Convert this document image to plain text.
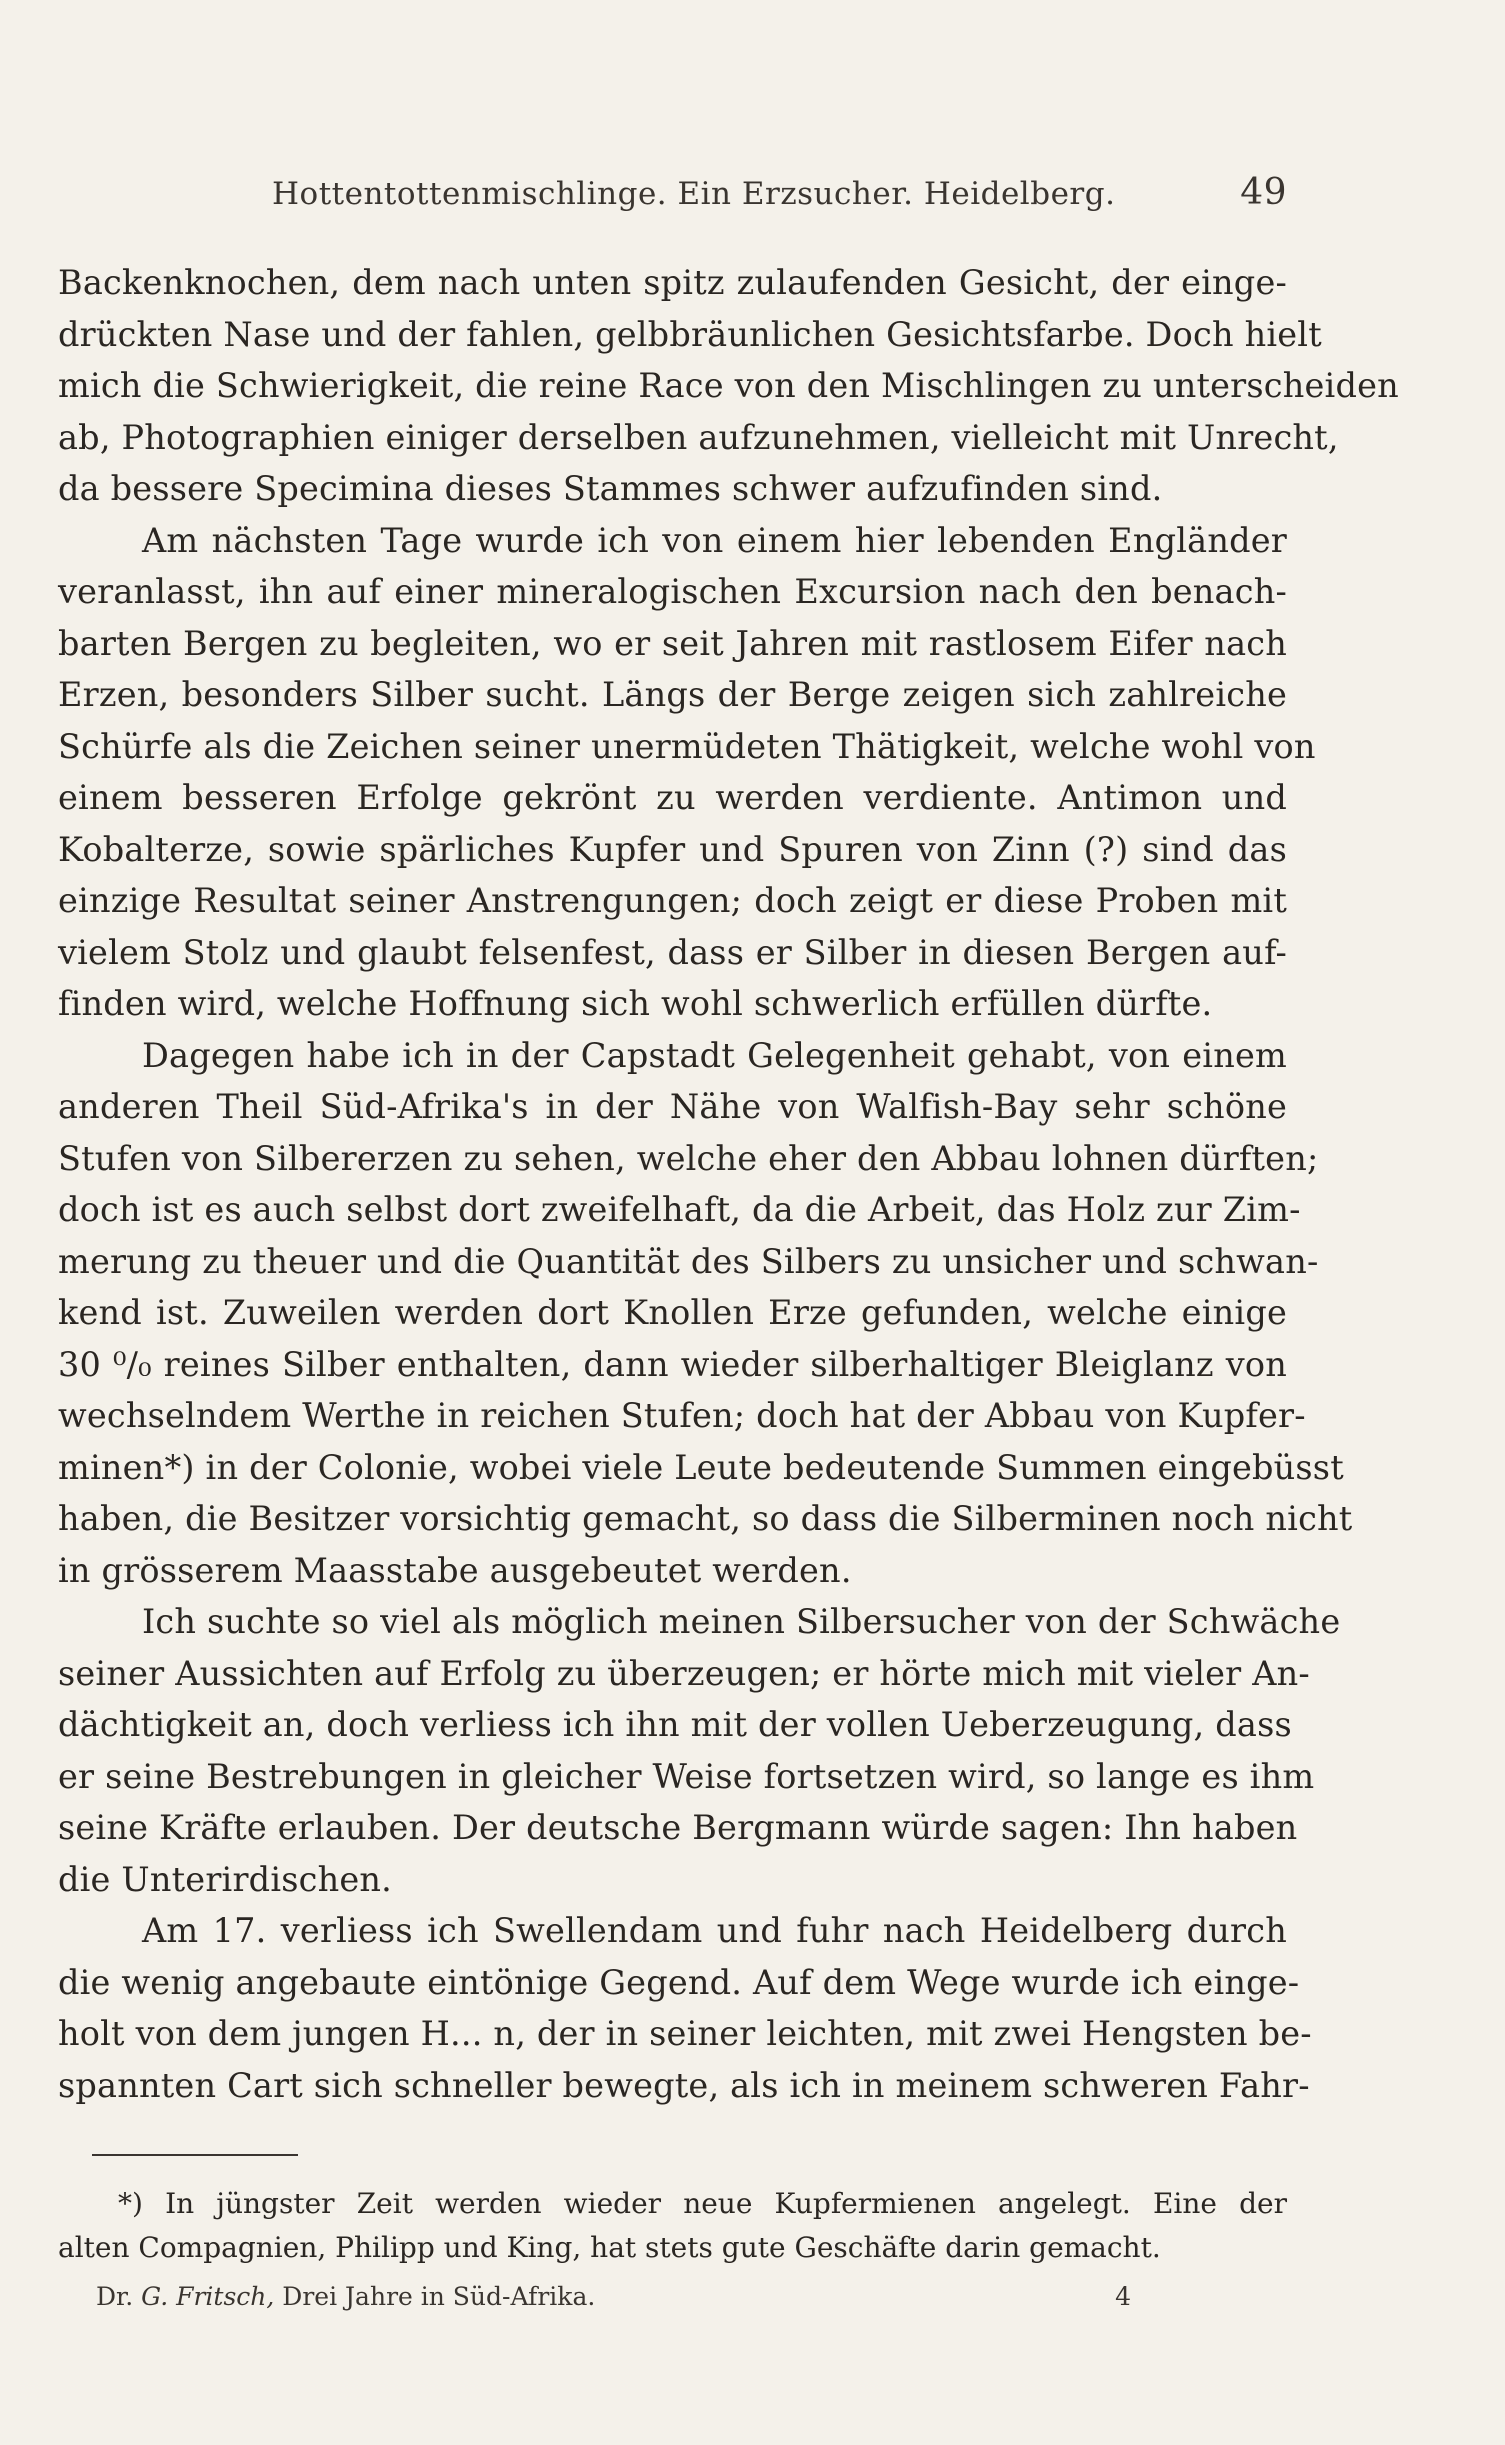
Hottentottenmischlinge. Ein Erzsucher. Heidelberg.	49
Backenknochen, dem nach unten spitz zulaufenden Gesicht, der einge-
drückten Nase und der fahlen, gelbbräunlichen Gesichtsfarbe. Doch hielt
mich die Schwierigkeit, die reine Race von den Mischlingen zu unterscheiden
ab, Photographien einiger derselben aufzunehmen, vielleicht mit Unrecht,
da bessere Specimina dieses Stammes schwer aufzufinden sind.
Am nächsten Tage wurde ich von einem hier lebenden Engländer
veranlasst, ihn auf einer mineralogischen Excursion nach den benach-
barten Bergen zu begleiten, wo er seit Jahren mit rastlosem Eifer nach
Erzen, besonders Silber sucht. Längs der Berge zeigen sich zahlreiche
Schürfe als die Zeichen seiner unermüdeten Thätigkeit, welche wohl von
einem besseren Erfolge gekrönt zu werden verdiente. Antimon und
Kobalterze, sowie spärliches Kupfer und Spuren von Zinn (?) sind das
einzige Resultat seiner Anstrengungen; doch zeigt er diese Proben mit
vielem Stolz und glaubt felsenfest, dass er Silber in diesen Bergen auf-
finden wird, welche Hoffnung sich wohl schwerlich erfüllen dürfte.
Dagegen habe ich in der Capstadt Gelegenheit gehabt, von einem
anderen Theil Süd-Afrika's in der Nähe von Walfish-Bay sehr schöne
Stufen von Silbererzen zu sehen, welche eher den Abbau lohnen dürften;
doch ist es auch selbst dort zweifelhaft, da die Arbeit, das Holz zur Zim-
merung zu theuer und die Quantität des Silbers zu unsicher und schwan-
kend ist. Zuweilen werden dort Knollen Erze gefunden, welche einige
30 ⁰/₀ reines Silber enthalten, dann wieder silberhaltiger Bleiglanz von
wechselndem Werthe in reichen Stufen; doch hat der Abbau von Kupfer-
minen*) in der Colonie, wobei viele Leute bedeutende Summen eingebüsst
haben, die Besitzer vorsichtig gemacht, so dass die Silberminen noch nicht
in grösserem Maasstabe ausgebeutet werden.
Ich suchte so viel als möglich meinen Silbersucher von der Schwäche
seiner Aussichten auf Erfolg zu überzeugen; er hörte mich mit vieler An-
dächtigkeit an, doch verliess ich ihn mit der vollen Ueberzeugung, dass
er seine Bestrebungen in gleicher Weise fortsetzen wird, so lange es ihm
seine Kräfte erlauben. Der deutsche Bergmann würde sagen: Ihn haben
die Unterirdischen.
Am 17. verliess ich Swellendam und fuhr nach Heidelberg durch
die wenig angebaute eintönige Gegend. Auf dem Wege wurde ich einge-
holt von dem jungen H... n, der in seiner leichten, mit zwei Hengsten be-
spannten Cart sich schneller bewegte, als ich in meinem schweren Fahr-
*) In jüngster Zeit werden wieder neue Kupfermienen angelegt. Eine der
alten Compagnien, Philipp und King, hat stets gute Geschäfte darin gemacht.
Dr. G. Fritsch, Drei Jahre in Süd-Afrika.	4
